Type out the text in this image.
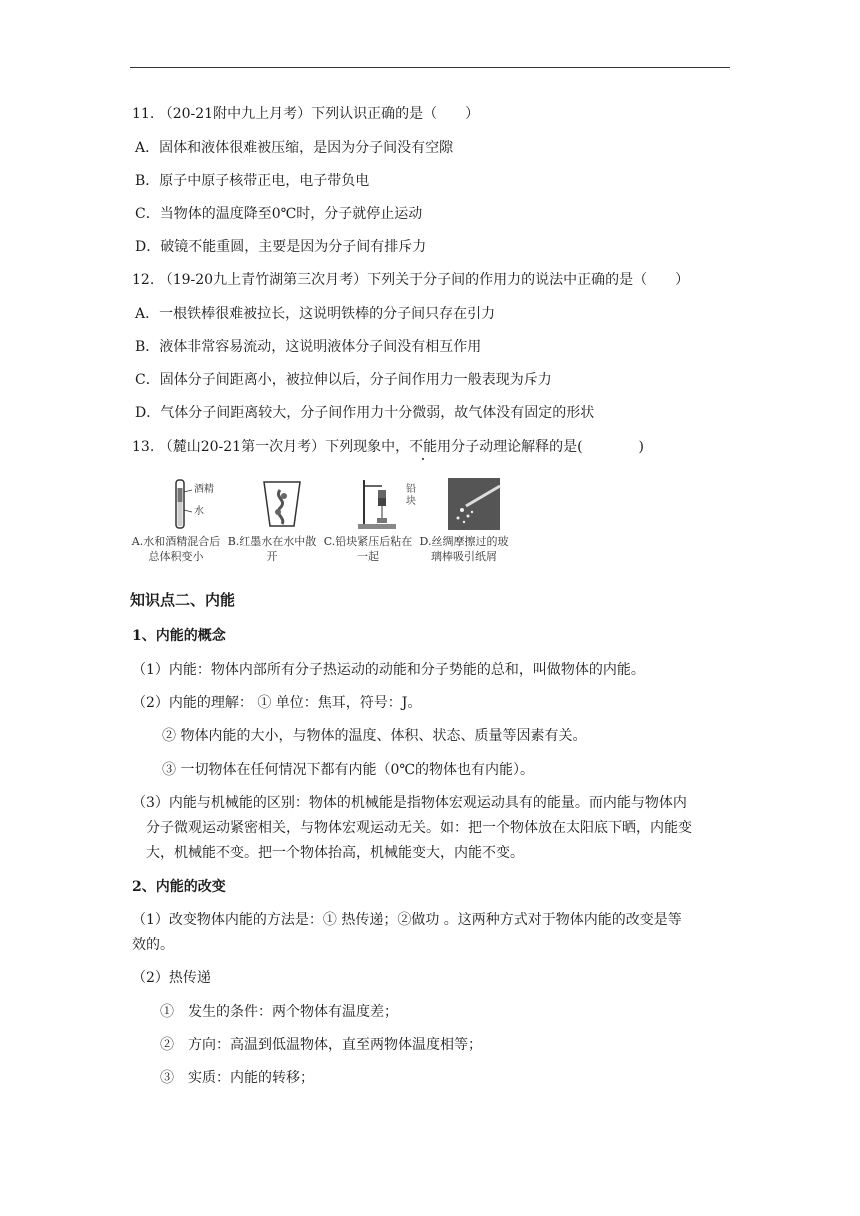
11. （20-21附中九上月考）下列认识正确的是（　　）
A．固体和液体很难被压缩，是因为分子间没有空隙
B．原子中原子核带正电，电子带负电
C．当物体的温度降至0℃时，分子就停止运动
D．破镜不能重圆，主要是因为分子间有排斥力
12. （19-20九上青竹湖第三次月考）下列关于分子间的作用力的说法中正确的是（　　）
A．一根铁棒很难被拉长，这说明铁棒的分子间只存在引力
B．液体非常容易流动，这说明液体分子间没有相互作用
C．固体分子间距离小，被拉伸以后，分子间作用力一般表现为斥力
D．气体分子间距离较大，分子间作用力十分微弱，故气体没有固定的形状
13. （麓山20-21第一次月考）下列现象中，不能用分子动理论解释的是(　　　　)
酒精
水
A.水和酒精混合后总体积变小
B.红墨水在水中散开
铅块
C.铅块紧压后粘在一起
D.丝绸摩擦过的玻璃棒吸引纸屑
知识点二、内能
1、内能的概念
（1）内能：物体内部所有分子热运动的动能和分子势能的总和，叫做物体的内能。
（2）内能的理解： ① 单位：焦耳，符号：J。
② 物体内能的大小，与物体的温度、体积、状态、质量等因素有关。
③ 一切物体在任何情况下都有内能（0℃的物体也有内能）。
（3）内能与机械能的区别：物体的机械能是指物体宏观运动具有的能量。而内能与物体内
分子微观运动紧密相关，与物体宏观运动无关。如：把一个物体放在太阳底下晒，内能变
大，机械能不变。把一个物体抬高，机械能变大，内能不变。
2、内能的改变
（1）改变物体内能的方法是：① 热传递；②做功 。这两种方式对于物体内能的改变是等
效的。
（2）热传递
①　发生的条件：两个物体有温度差；
②　方向：高温到低温物体，直至两物体温度相等；
③　实质：内能的转移；
